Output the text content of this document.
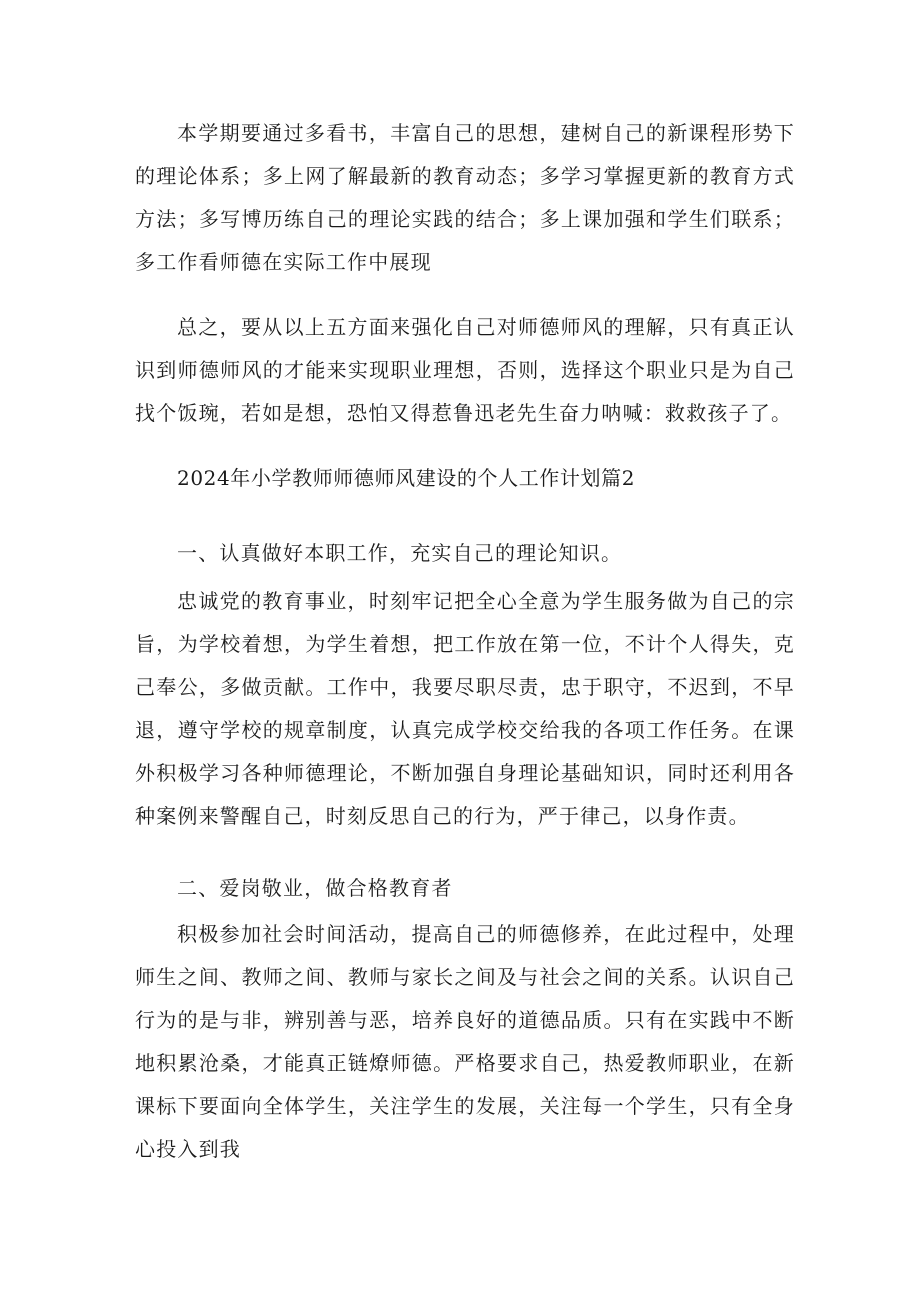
本学期要通过多看书，丰富自己的思想，建树自己的新课程形势下的理论体系；多上网了解最新的教育动态；多学习掌握更新的教育方式方法；多写博历练自己的理论实践的结合；多上课加强和学生们联系；多工作看师德在实际工作中展现

总之，要从以上五方面来强化自己对师德师风的理解，只有真正认识到师德师风的才能来实现职业理想，否则，选择这个职业只是为自己找个饭琬，若如是想，恐怕又得惹鲁迅老先生奋力呐喊：救救孩子了。

2024年小学教师师德师风建设的个人工作计划篇2

一、认真做好本职工作，充实自己的理论知识。

忠诚党的教育事业，时刻牢记把全心全意为学生服务做为自己的宗旨，为学校着想，为学生着想，把工作放在第一位，不计个人得失，克己奉公，多做贡献。工作中，我要尽职尽责，忠于职守，不迟到，不早退，遵守学校的规章制度，认真完成学校交给我的各项工作任务。在课外积极学习各种师德理论，不断加强自身理论基础知识，同时还利用各种案例来警醒自己，时刻反思自己的行为，严于律己，以身作责。

二、爱岗敬业，做合格教育者

积极参加社会时间活动，提高自己的师德修养，在此过程中，处理师生之间、教师之间、教师与家长之间及与社会之间的关系。认识自己行为的是与非，辨别善与恶，培养良好的道德品质。只有在实践中不断地积累沧桑，才能真正链燎师德。严格要求自己，热爱教师职业，在新课标下要面向全体学生，关注学生的发展，关注每一个学生，只有全身心投入到我
